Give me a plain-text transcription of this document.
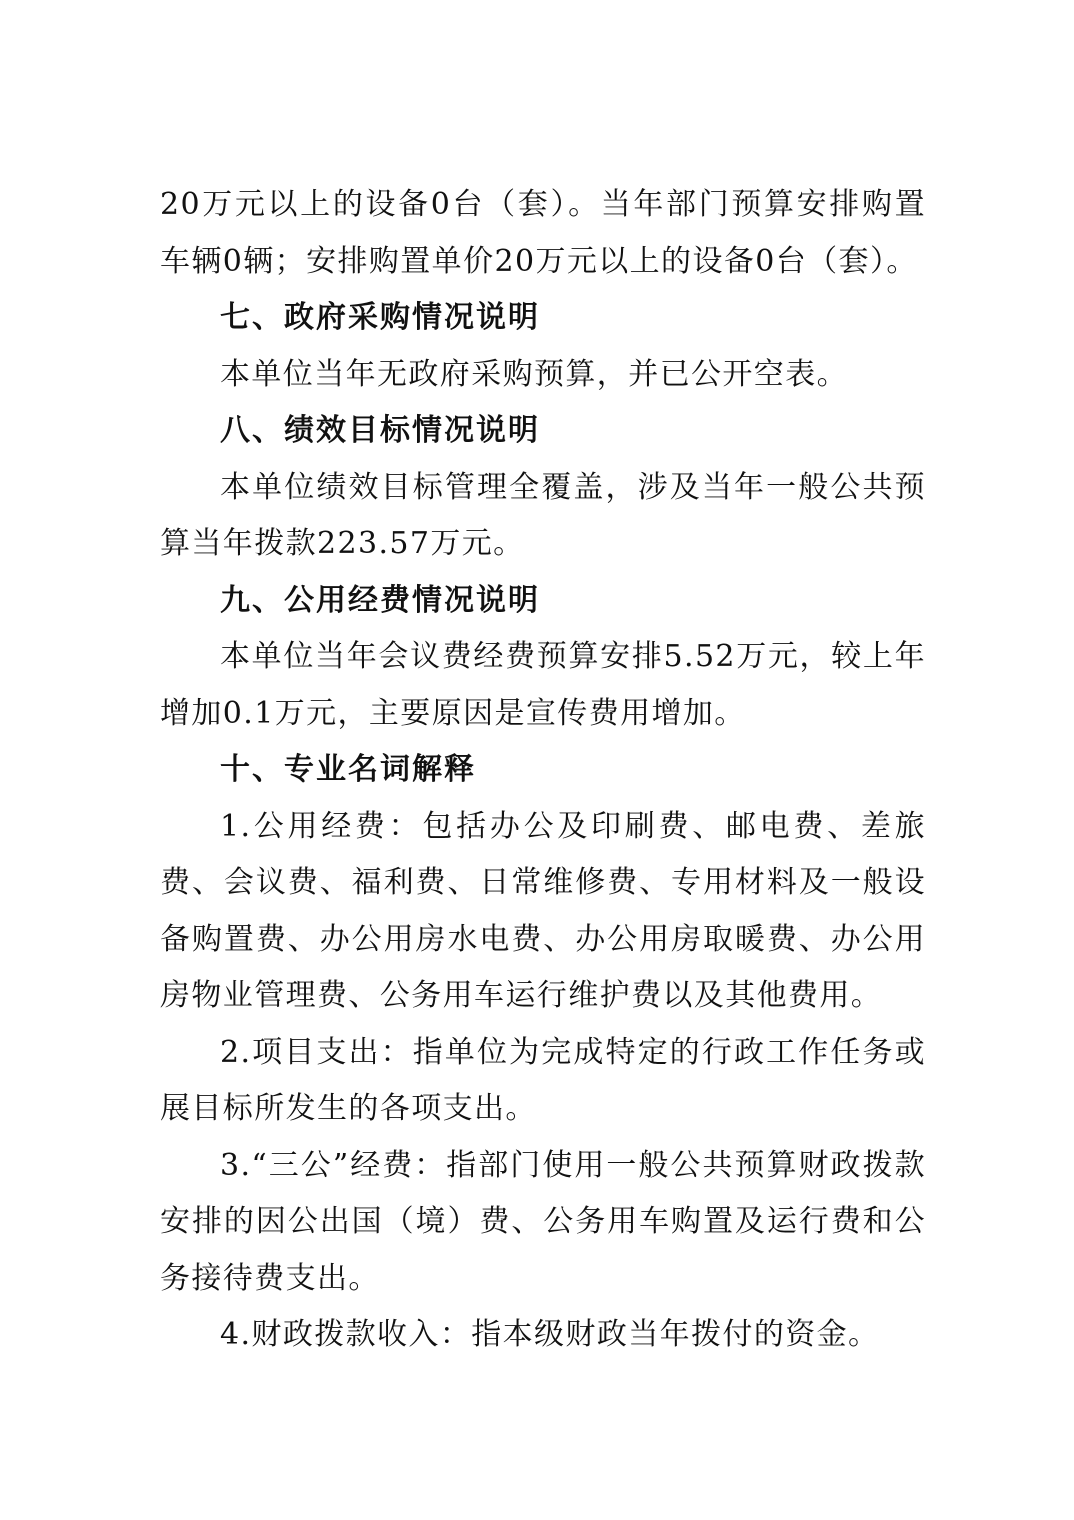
20万元以上的设备0台（套）。当年部门预算安排购置车辆0辆；安排购置单价20万元以上的设备0台（套）。

七、政府采购情况说明

本单位当年无政府采购预算，并已公开空表。

八、绩效目标情况说明

本单位绩效目标管理全覆盖，涉及当年一般公共预算当年拨款223.57万元。

九、公用经费情况说明

本单位当年会议费经费预算安排5.52万元，较上年增加0.1万元，主要原因是宣传费用增加。

十、专业名词解释

1.公用经费：包括办公及印刷费、邮电费、差旅费、会议费、福利费、日常维修费、专用材料及一般设备购置费、办公用房水电费、办公用房取暖费、办公用房物业管理费、公务用车运行维护费以及其他费用。

2.项目支出：指单位为完成特定的行政工作任务或展目标所发生的各项支出。

3.“三公”经费：指部门使用一般公共预算财政拨款安排的因公出国（境）费、公务用车购置及运行费和公务接待费支出。

4.财政拨款收入：指本级财政当年拨付的资金。
